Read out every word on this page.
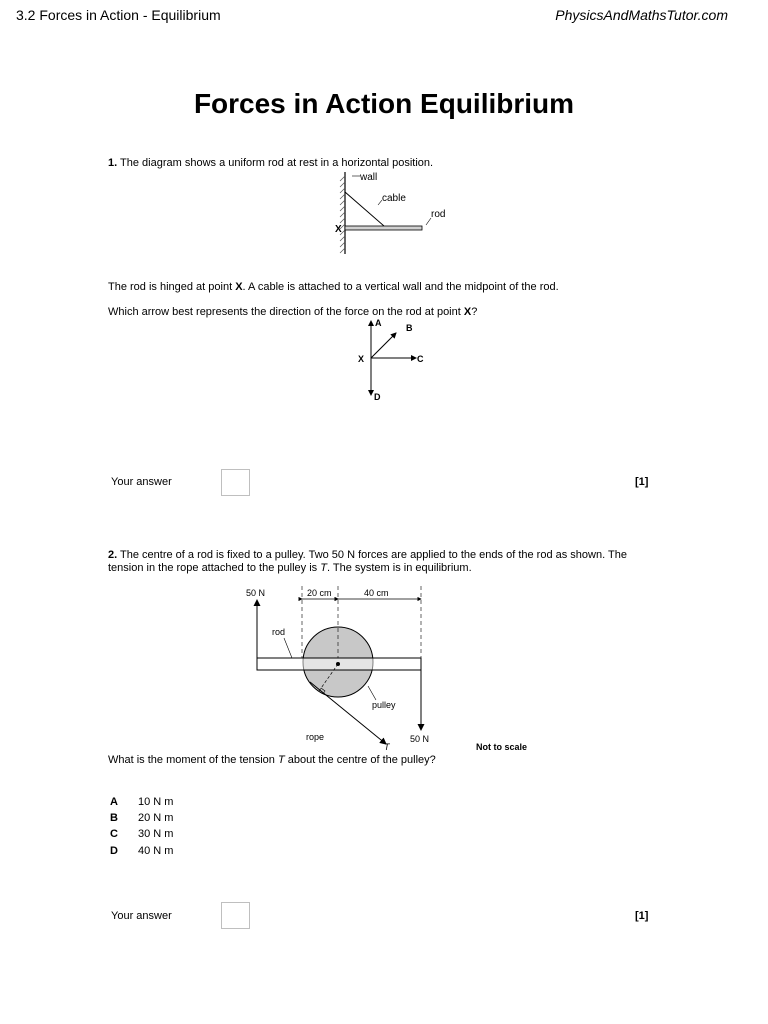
3.2 Forces in Action - Equilibrium	PhysicsAndMathsTutor.com
Forces in Action Equilibrium
1. The diagram shows a uniform rod at rest in a horizontal position.
wall
cable
rod
X
The rod is hinged at point X. A cable is attached to a vertical wall and the midpoint of the rod.
Which arrow best represents the direction of the force on the rod at point X?
A	B
C
D
X
Your answer	[1]
2. The centre of a rod is fixed to a pulley. Two 50 N forces are applied to the ends of the rod as shown. The
tension in the rope attached to the pulley is T. The system is in equilibrium.
50 N	20 cm	40 cm
rod
pulley
rope
T
50 N
Not to scale
What is the moment of the tension T about the centre of the pulley?
A 10 N m
B 20 N m
C 30 N m
D 40 N m
Your answer	[1]
